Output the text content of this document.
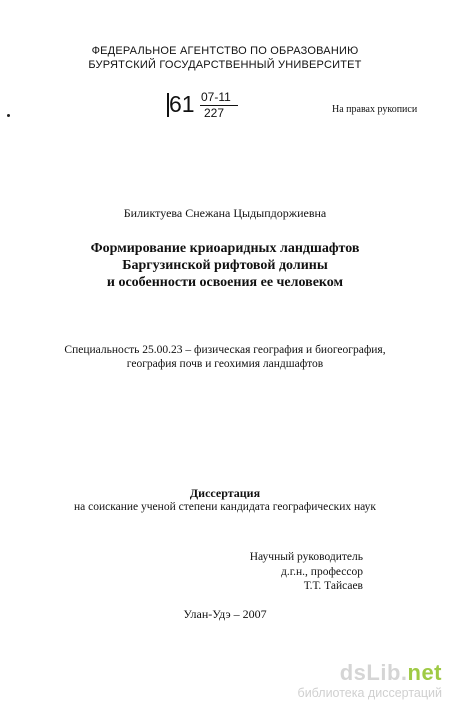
ФЕДЕРАЛЬНОЕ АГЕНТСТВО ПО ОБРАЗОВАНИЮ
БУРЯТСКИЙ ГОСУДАРСТВЕННЫЙ УНИВЕРСИТЕТ
61 07-11
227	На правах рукописи
Биликтуева Снежана Цыдыпдоржиевна
Формирование криоаридных ландшафтов
Баргузинской рифтовой долины
и особенности освоения ее человеком
Специальность 25.00.23 – физическая география и биогеография,
география почв и геохимия ландшафтов
Диссертация
на соискание ученой степени кандидата географических наук
Научный руководитель
д.г.н., профессор
Т.Т. Тайсаев
Улан-Удэ – 2007
dsLib.net
библиотека диссертаций
